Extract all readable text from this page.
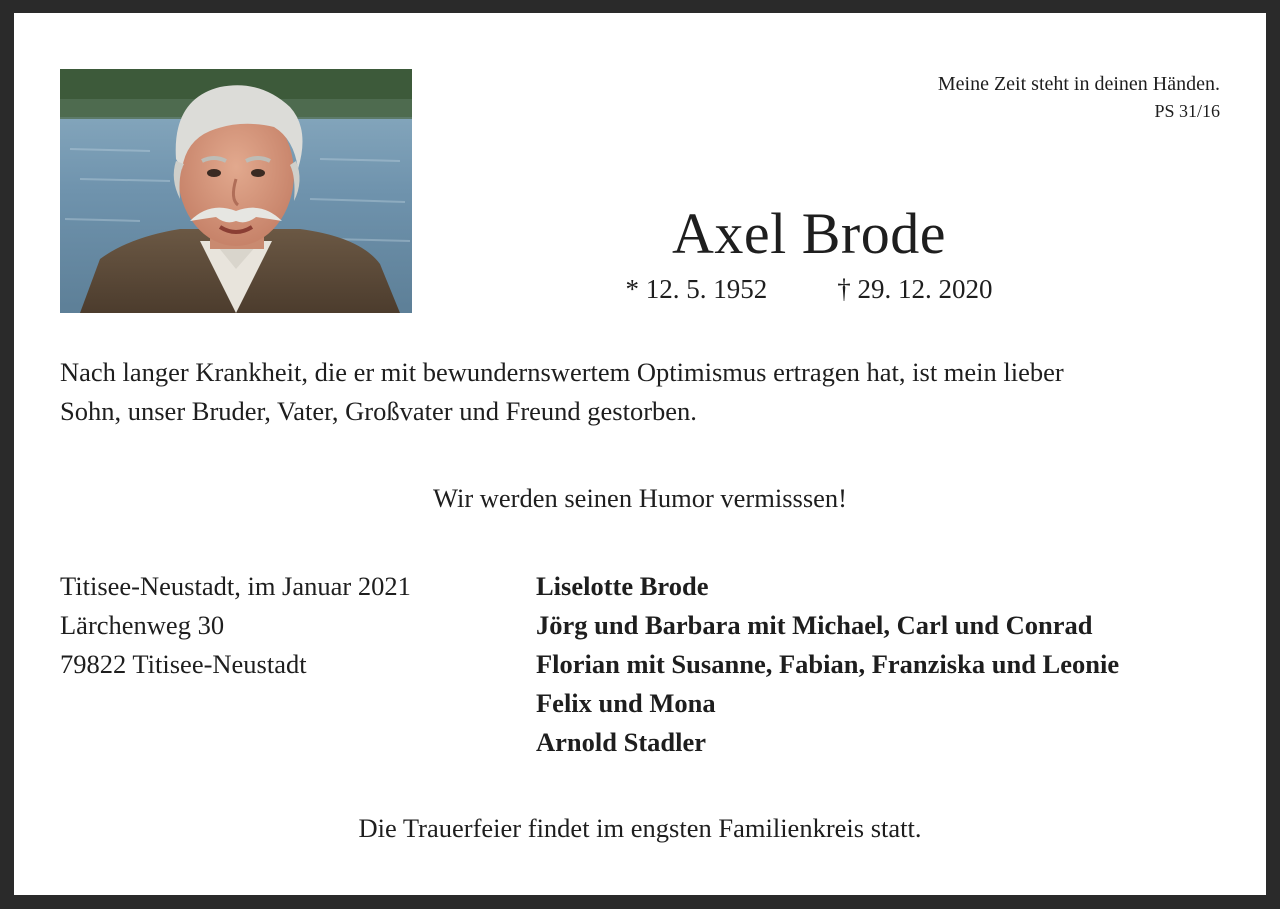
Meine Zeit steht in deinen Händen.
PS 31/16
Axel Brode
* 12. 5. 1952	† 29. 12. 2020
Nach langer Krankheit, die er mit bewundernswertem Optimismus ertragen hat, ist mein lieber
Sohn, unser Bruder, Vater, Großvater und Freund gestorben.
Wir werden seinen Humor vermisssen!
Titisee-Neustadt, im Januar 2021
Lärchenweg 30
79822 Titisee-Neustadt
Liselotte Brode
Jörg und Barbara mit Michael, Carl und Conrad
Florian mit Susanne, Fabian, Franziska und Leonie
Felix und Mona
Arnold Stadler
Die Trauerfeier findet im engsten Familienkreis statt.
